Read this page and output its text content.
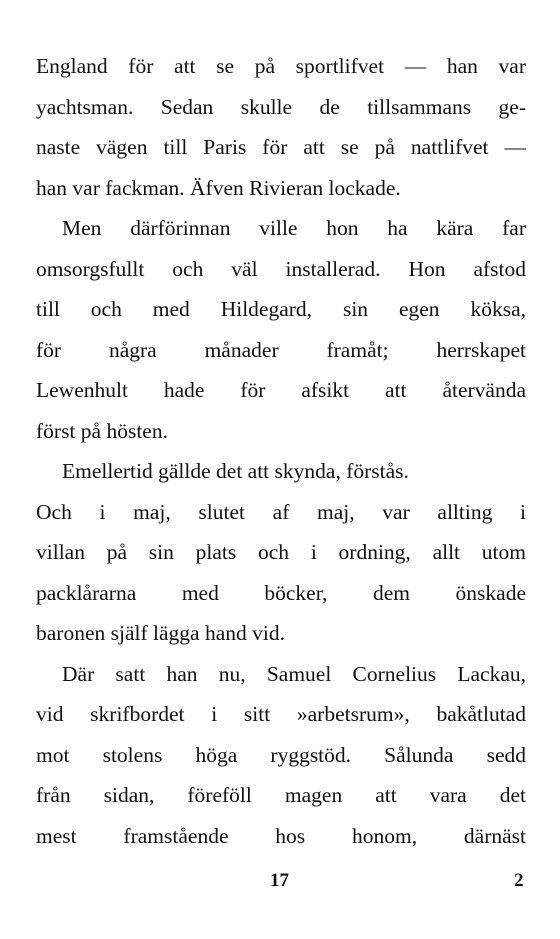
England för att se på sportlifvet — han var
yachtsman. Sedan skulle de tillsammans ge-
naste vägen till Paris för att se på nattlifvet —
han var fackman. Äfven Rivieran lockade.
Men därförinnan ville hon ha kära far
omsorgsfullt och väl installerad. Hon afstod
till och med Hildegard, sin egen köksa,
för några månader framåt; herrskapet
Lewenhult hade för afsikt att återvända
först på hösten.
Emellertid gällde det att skynda, förstås.
Och i maj, slutet af maj, var allting i
villan på sin plats och i ordning, allt utom
packlårarna med böcker, dem önskade
baronen själf lägga hand vid.
Där satt han nu, Samuel Cornelius Lackau,
vid skrifbordet i sitt »arbetsrum», bakåtlutad
mot stolens höga ryggstöd. Sålunda sedd
från sidan, föreföll magen att vara det
mest framstående hos honom, därnäst
17	2
